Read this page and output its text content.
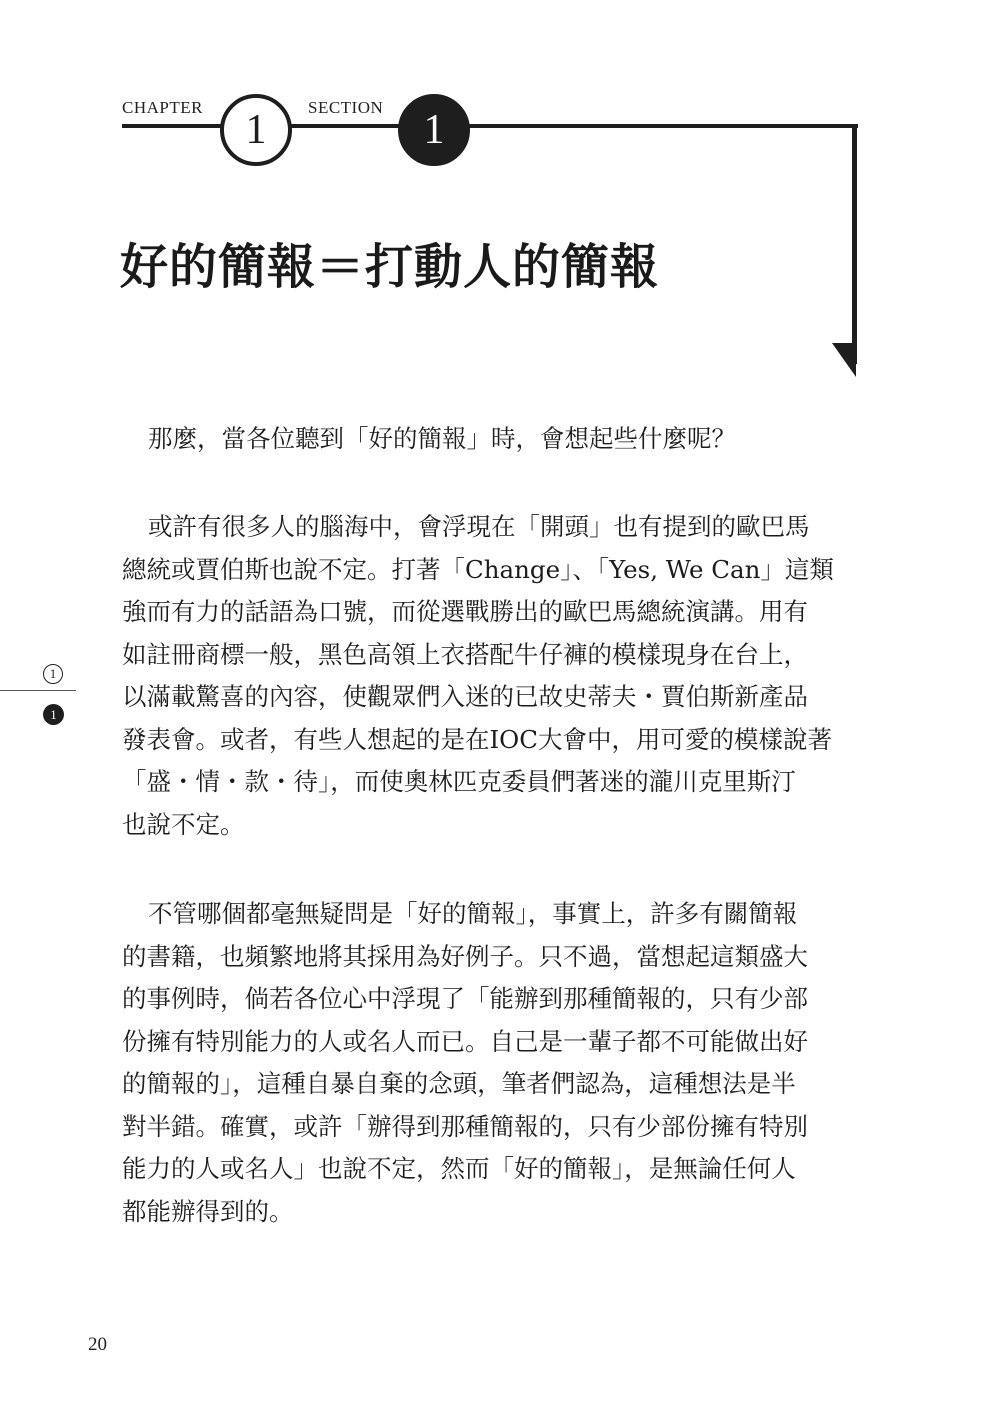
CHAPTER	1	SECTION 1
好的簡報＝打動人的簡報
1
1
那麼，當各位聽到「好的簡報」時，會想起些什麼呢？
或許有很多人的腦海中，會浮現在「開頭」也有提到的歐巴馬
總統或賈伯斯也說不定。打著「Change」、「Yes, We Can」這類
強而有力的話語為口號，而從選戰勝出的歐巴馬總統演講。用有
如註冊商標一般，黑色高領上衣搭配牛仔褲的模樣現身在台上，
以滿載驚喜的內容，使觀眾們入迷的已故史蒂夫・賈伯斯新產品
發表會。或者，有些人想起的是在IOC大會中，用可愛的模樣說著
「盛・情・款・待」，而使奧林匹克委員們著迷的瀧川克里斯汀
也說不定。
不管哪個都毫無疑問是「好的簡報」，事實上，許多有關簡報
的書籍，也頻繁地將其採用為好例子。只不過，當想起這類盛大
的事例時，倘若各位心中浮現了「能辦到那種簡報的，只有少部
份擁有特別能力的人或名人而已。自己是一輩子都不可能做出好
的簡報的」，這種自暴自棄的念頭，筆者們認為，這種想法是半
對半錯。確實，或許「辦得到那種簡報的，只有少部份擁有特別
能力的人或名人」也說不定，然而「好的簡報」，是無論任何人
都能辦得到的。
20
